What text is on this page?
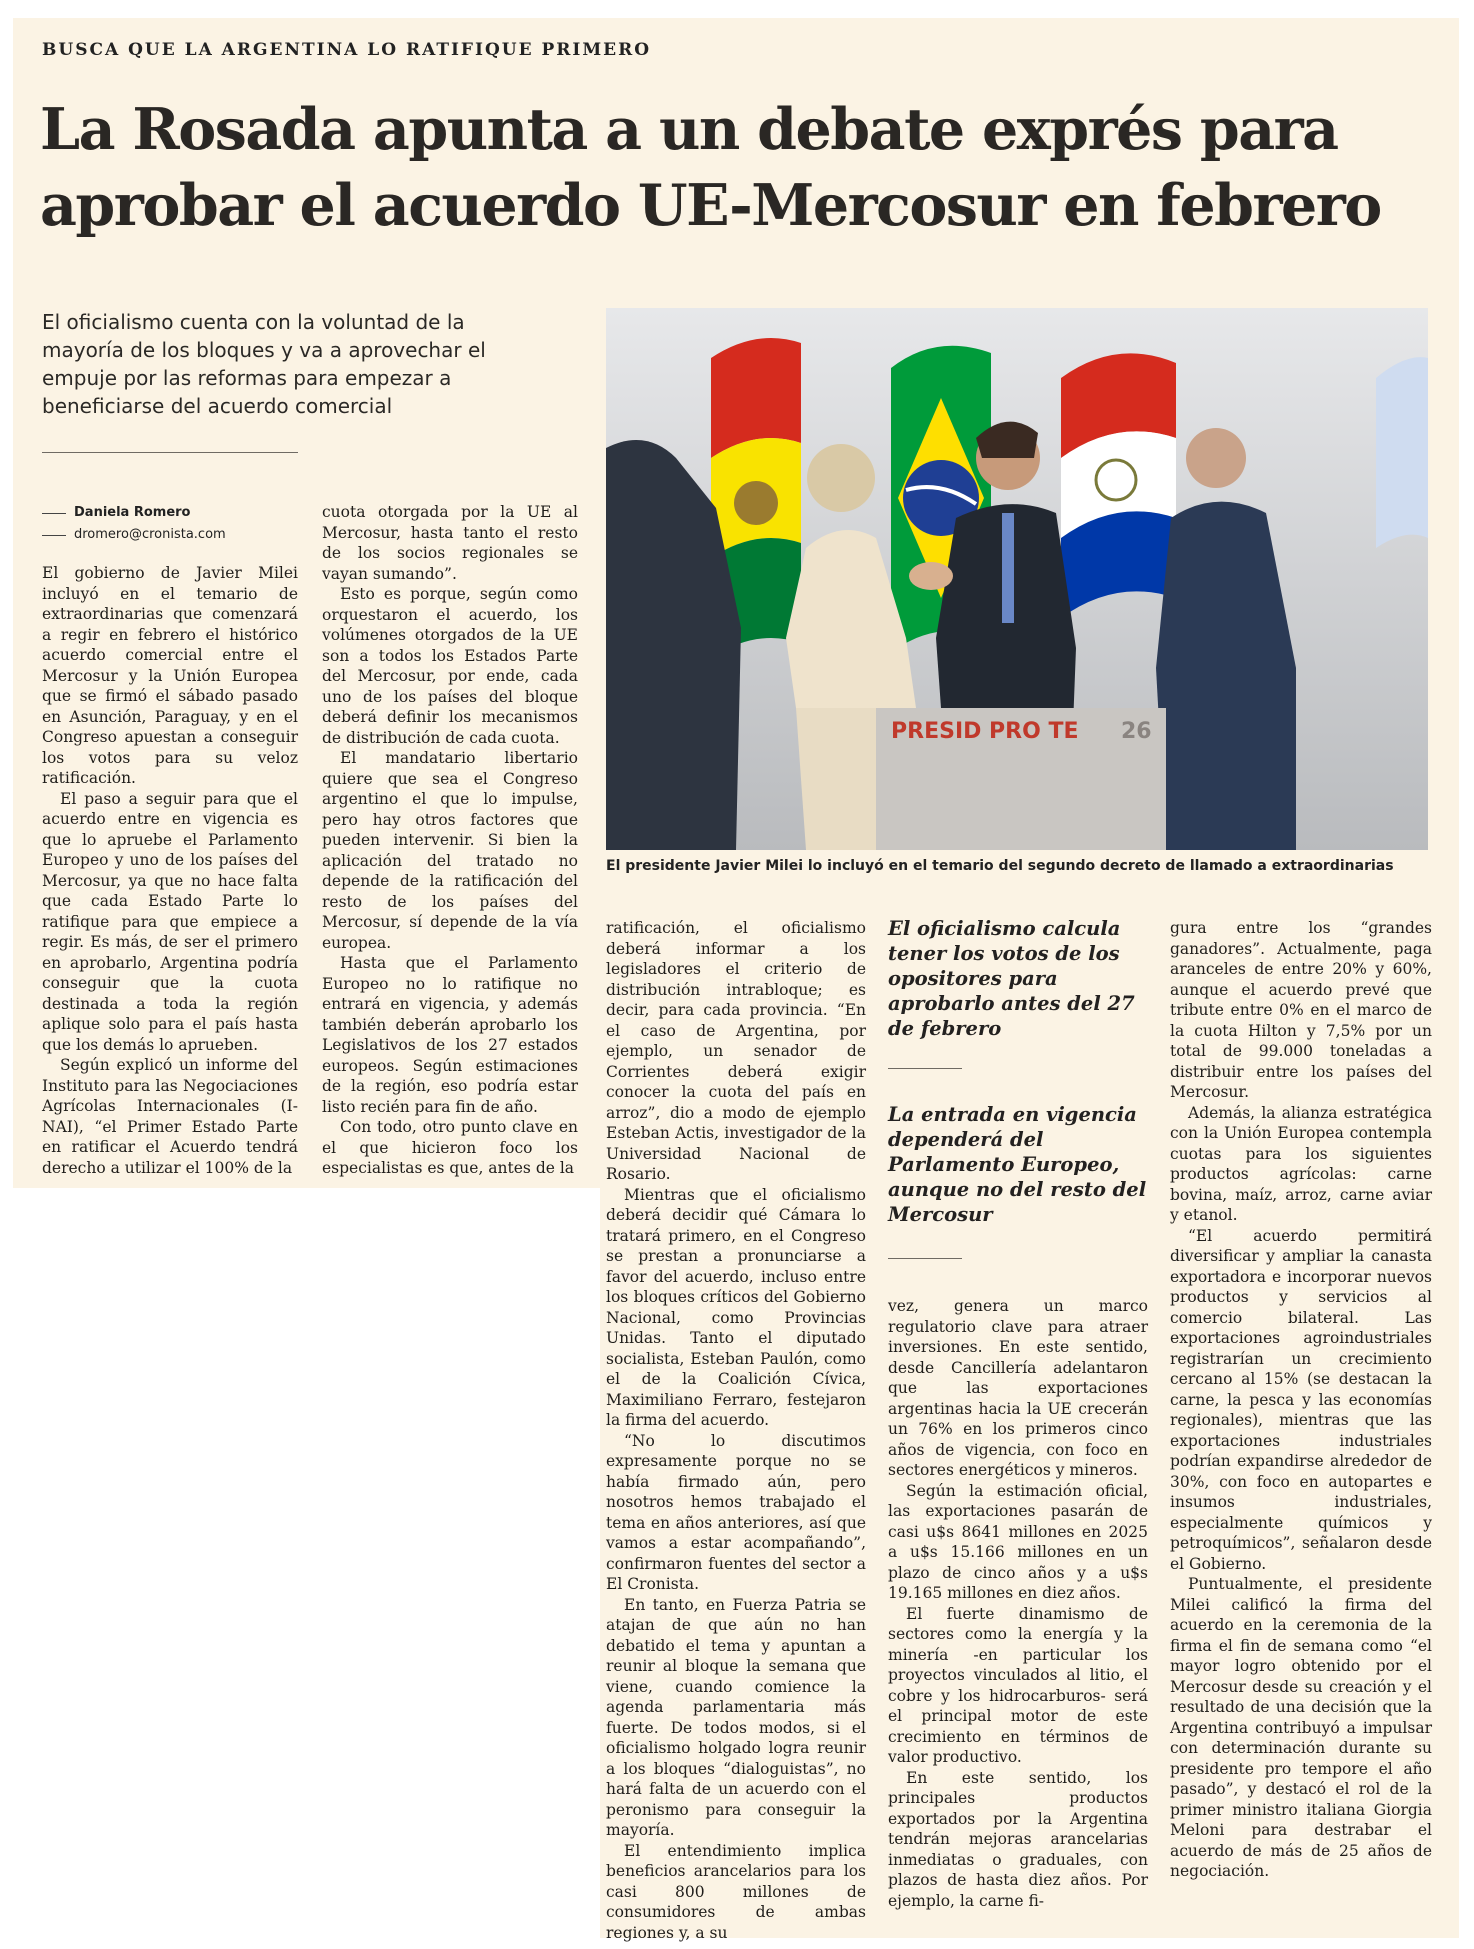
BUSCA QUE LA ARGENTINA LO RATIFIQUE PRIMERO
La Rosada apunta a un debate exprés para
aprobar el acuerdo UE-Mercosur en febrero
El oficialismo cuenta con la voluntad de la
mayoría de los bloques y va a aprovechar el
empuje por las reformas para empezar a
beneficiarse del acuerdo comercial
Daniela Romero
dromero@cronista.com

El gobierno de Javier Milei incluyó en el temario de extraordinarias que comenzará a regir en febrero el histórico acuerdo comercial entre el Mercosur y la Unión Europea que se firmó el sábado pasado en Asunción, Paraguay, y en el Congreso apuestan a conseguir los votos para su veloz ratificación.

El paso a seguir para que el acuerdo entre en vigencia es que lo apruebe el Parlamento Europeo y uno de los países del Mercosur, ya que no hace falta que cada Estado Parte lo ratifique para que empiece a regir. Es más, de ser el primero en aprobarlo, Argentina podría conseguir que la cuota destinada a toda la región aplique solo para el país hasta que los demás lo aprueben.

Según explicó un informe del Instituto para las Negociaciones Agrícolas Internacionales (I-NAI), “el Primer Estado Parte en ratificar el Acuerdo tendrá derecho a utilizar el 100% de la

cuota otorgada por la UE al Mercosur, hasta tanto el resto de los socios regionales se vayan sumando”.

Esto es porque, según como orquestaron el acuerdo, los volúmenes otorgados de la UE son a todos los Estados Parte del Mercosur, por ende, cada uno de los países del bloque deberá definir los mecanismos de distribución de cada cuota.

El mandatario libertario quiere que sea el Congreso argentino el que lo impulse, pero hay otros factores que pueden intervenir. Si bien la aplicación del tratado no depende de la ratificación del resto de los países del Mercosur, sí depende de la vía europea.

Hasta que el Parlamento Europeo no lo ratifique no entrará en vigencia, y además también deberán aprobarlo los Legislativos de los 27 estados europeos. Según estimaciones de la región, eso podría estar listo recién para fin de año.

Con todo, otro punto clave en el que hicieron foco los especialistas es que, antes de la

ratificación, el oficialismo deberá informar a los legisladores el criterio de distribución intrabloque; es decir, para cada provincia. “En el caso de Argentina, por ejemplo, un senador de Corrientes deberá exigir conocer la cuota del país en arroz”, dio a modo de ejemplo Esteban Actis, investigador de la Universidad Nacional de Rosario.

Mientras que el oficialismo deberá decidir qué Cámara lo tratará primero, en el Congreso se prestan a pronunciarse a favor del acuerdo, incluso entre los bloques críticos del Gobierno Nacional, como Provincias Unidas. Tanto el diputado socialista, Esteban Paulón, como el de la Coalición Cívica, Maximiliano Ferraro, festejaron la firma del acuerdo.

“No lo discutimos expresamente porque no se había firmado aún, pero nosotros hemos trabajado el tema en años anteriores, así que vamos a estar acompañando”, confirmaron fuentes del sector a El Cronista.

En tanto, en Fuerza Patria se atajan de que aún no han debatido el tema y apuntan a reunir al bloque la semana que viene, cuando comience la agenda parlamentaria más fuerte. De todos modos, si el oficialismo holgado logra reunir a los bloques “dialoguistas”, no hará falta de un acuerdo con el peronismo para conseguir la mayoría.

El entendimiento implica beneficios arancelarios para los casi 800 millones de consumidores de ambas regiones y, a su

vez, genera un marco regulatorio clave para atraer inversiones. En este sentido, desde Cancillería adelantaron que las exportaciones argentinas hacia la UE crecerán un 76% en los primeros cinco años de vigencia, con foco en sectores energéticos y mineros.

Según la estimación oficial, las exportaciones pasarán de casi u$s 8641 millones en 2025 a u$s 15.166 millones en un plazo de cinco años y a u$s 19.165 millones en diez años.

El fuerte dinamismo de sectores como la energía y la minería -en particular los proyectos vinculados al litio, el cobre y los hidrocarburos- será el principal motor de este crecimiento en términos de valor productivo.

En este sentido, los principales productos exportados por la Argentina tendrán mejoras arancelarias inmediatas o graduales, con plazos de hasta diez años. Por ejemplo, la carne fi-

gura entre los “grandes ganadores”. Actualmente, paga aranceles de entre 20% y 60%, aunque el acuerdo prevé que tribute entre 0% en el marco de la cuota Hilton y 7,5% por un total de 99.000 toneladas a distribuir entre los países del Mercosur.

Además, la alianza estratégica con la Unión Europea contempla cuotas para los siguientes productos agrícolas: carne bovina, maíz, arroz, carne aviar y etanol.

“El acuerdo permitirá diversificar y ampliar la canasta exportadora e incorporar nuevos productos y servicios al comercio bilateral. Las exportaciones agroindustriales registrarían un crecimiento cercano al 15% (se destacan la carne, la pesca y las economías regionales), mientras que las exportaciones industriales podrían expandirse alrededor de 30%, con foco en autopartes e insumos industriales, especialmente químicos y petroquímicos”, señalaron desde el Gobierno.

Puntualmente, el presidente Milei calificó la firma del acuerdo en la ceremonia de la firma el fin de semana como “el mayor logro obtenido por el Mercosur desde su creación y el resultado de una decisión que la Argentina contribuyó a impulsar con determinación durante su presidente pro tempore el año pasado”, y destacó el rol de la primer ministro italiana Giorgia Meloni para destrabar el acuerdo de más de 25 años de negociación.

El oficialismo calcula
tener los votos de los
opositores para
aprobarlo antes del 27
de febrero
La entrada en vigencia
dependerá del
Parlamento Europeo,
aunque no del resto del
Mercosur
PRESID PRO TE 26
El presidente Javier Milei lo incluyó en el temario del segundo decreto de llamado a extraordinarias
